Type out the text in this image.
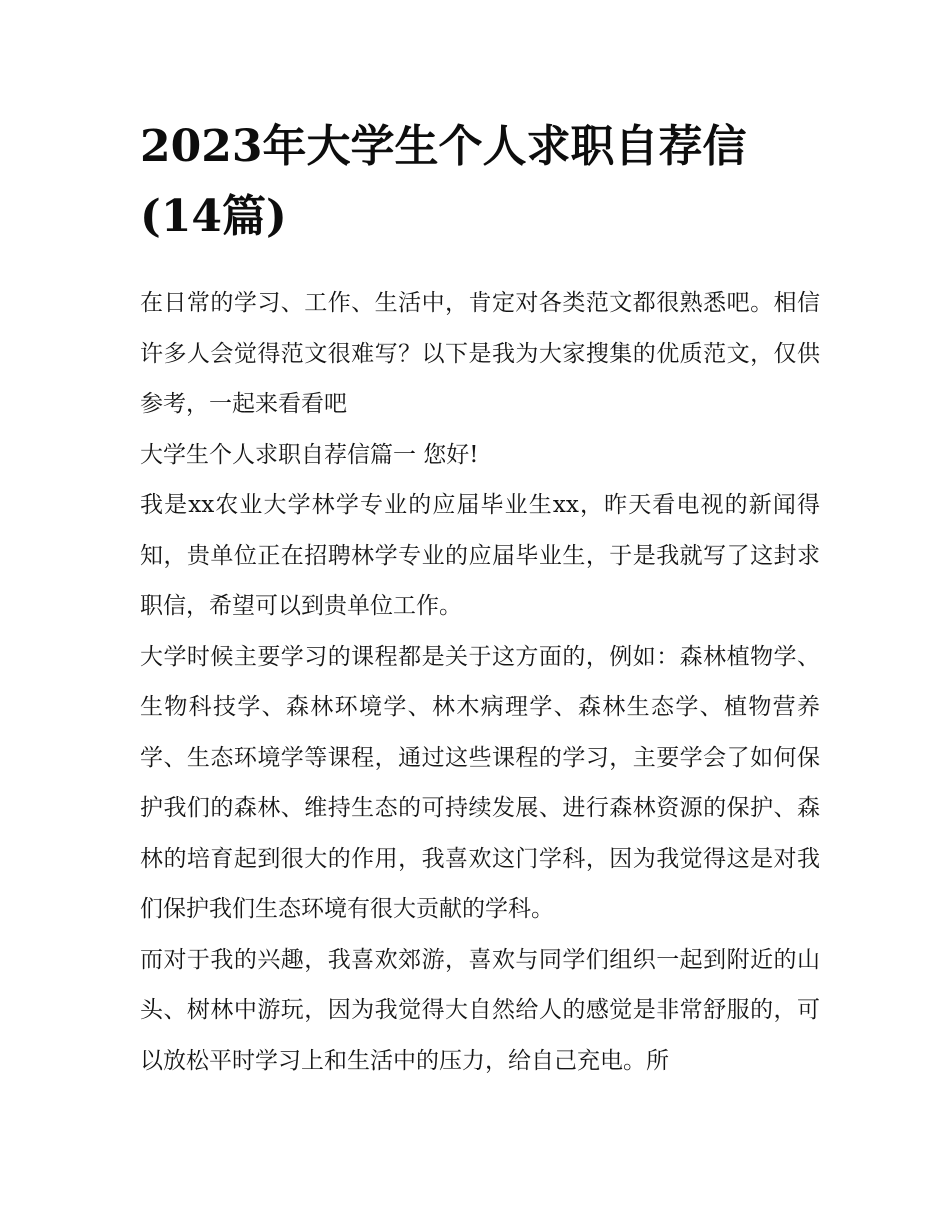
2023年大学生个人求职自荐信
(14篇)

在日常的学习、工作、生活中，肯定对各类范文都很熟悉吧。相信许多人会觉得范文很难写？以下是我为大家搜集的优质范文，仅供参考，一起来看看吧

大学生个人求职自荐信篇一 您好!

我是xx农业大学林学专业的应届毕业生xx，昨天看电视的新闻得知，贵单位正在招聘林学专业的应届毕业生，于是我就写了这封求职信，希望可以到贵单位工作。

大学时候主要学习的课程都是关于这方面的，例如：森林植物学、生物科技学、森林环境学、林木病理学、森林生态学、植物营养学、生态环境学等课程，通过这些课程的学习，主要学会了如何保护我们的森林、维持生态的可持续发展、进行森林资源的保护、森林的培育起到很大的作用，我喜欢这门学科，因为我觉得这是对我们保护我们生态环境有很大贡献的学科。

而对于我的兴趣，我喜欢郊游，喜欢与同学们组织一起到附近的山头、树林中游玩，因为我觉得大自然给人的感觉是非常舒服的，可以放松平时学习上和生活中的压力，给自己充电。所
